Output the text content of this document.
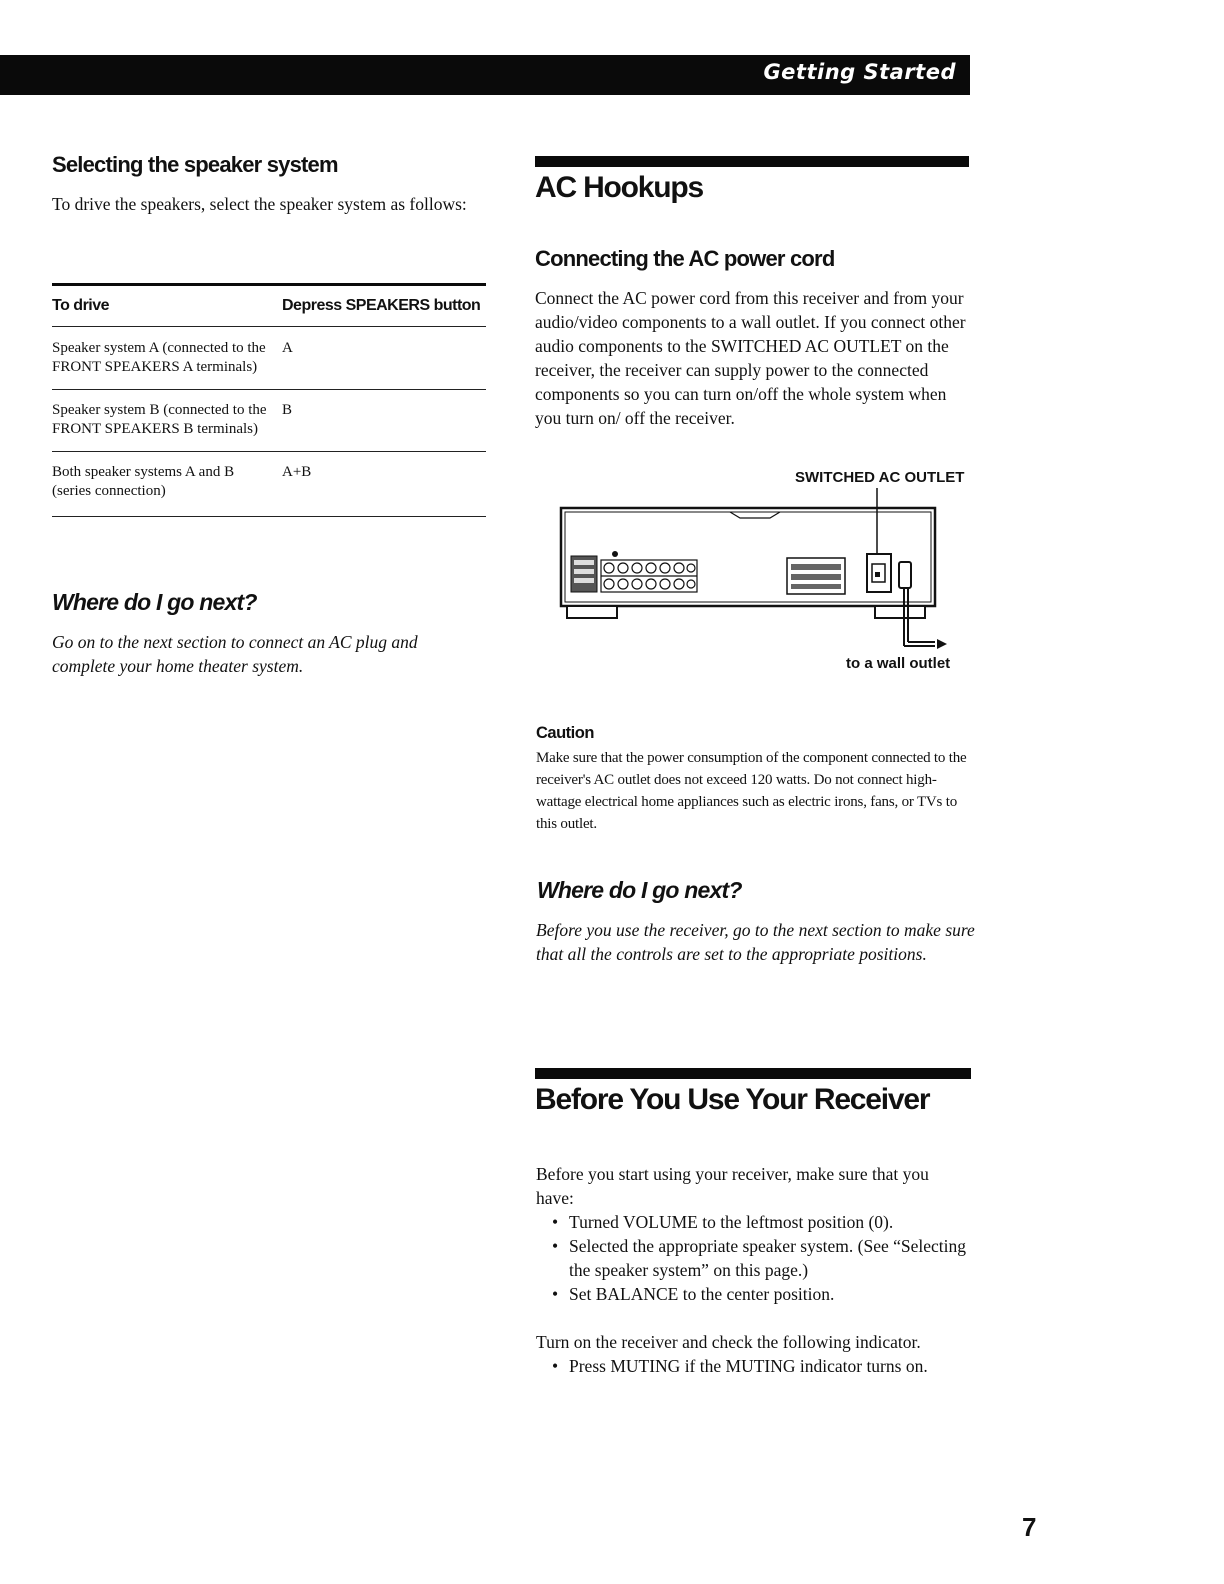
Getting Started
Selecting the speaker system

To drive the speakers, select the speaker system as follows:

To drive	Depress SPEAKERS button
Speaker system A (connected to the FRONT SPEAKERS A terminals)
A
Speaker system B (connected to the FRONT SPEAKERS B terminals)
B
Both speaker systems A and B (series connection)
A+B
Where do I go next?

Go on to the next section to connect an AC plug and complete your home theater system.

AC Hookups
Connecting the AC power cord

Connect the AC power cord from this receiver and from your audio/video components to a wall outlet. If you connect other audio components to the SWITCHED AC OUTLET on the receiver, the receiver can supply power to the connected components so you can turn on/off the whole system when you turn on/ off the receiver.

SWITCHED AC OUTLET
to a wall outlet
Caution

Make sure that the power consumption of the component connected to the receiver's AC outlet does not exceed 120 watts. Do not connect high-wattage electrical home appliances such as electric irons, fans, or TVs to this outlet.

Where do I go next?

Before you use the receiver, go to the next section to make sure that all the controls are set to the appropriate positions.

Before You Use Your Receiver

Before you start using your receiver, make sure that you have:

• Turned VOLUME to the leftmost position (0).
• Selected the appropriate speaker system. (See “Selecting the speaker system” on this page.)
• Set BALANCE to the center position.

Turn on the receiver and check the following indicator.

• Press MUTING if the MUTING indicator turns on.
7
